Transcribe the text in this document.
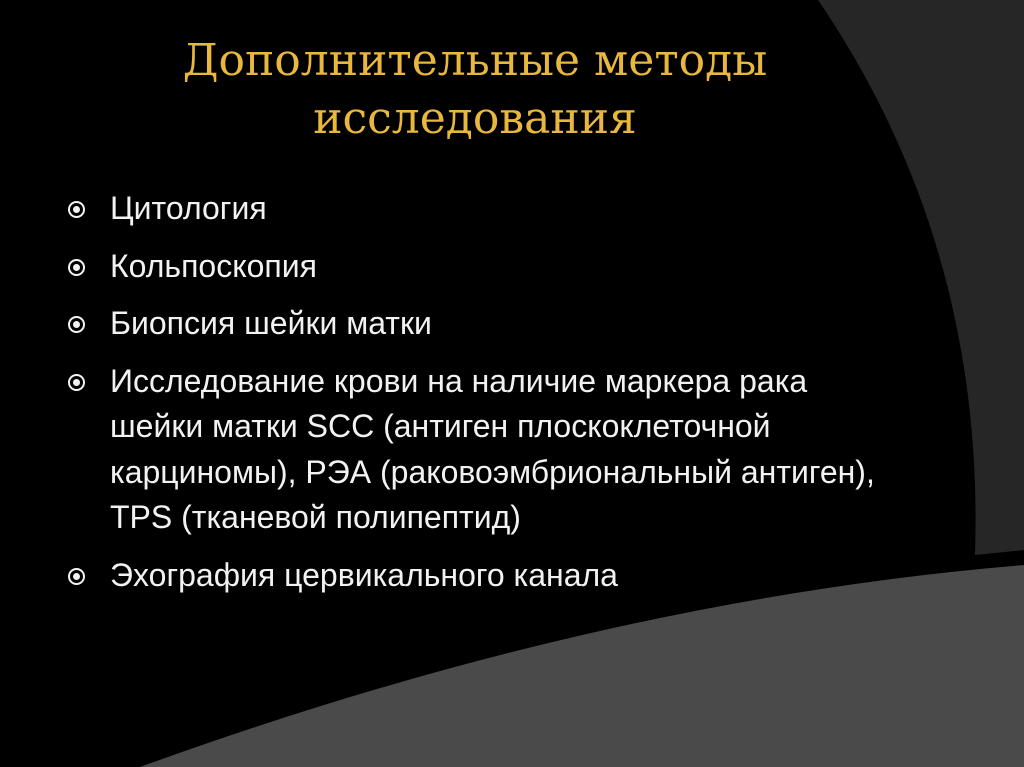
Дополнительные методы
исследования
Цитология
Кольпоскопия
Биопсия шейки матки
Исследование крови на наличие маркера рака шейки матки SCC (антиген плоскоклеточной карциномы), РЭА (раковоэмбриональный антиген), TPS (тканевой полипептид)
Эхография цервикального канала
